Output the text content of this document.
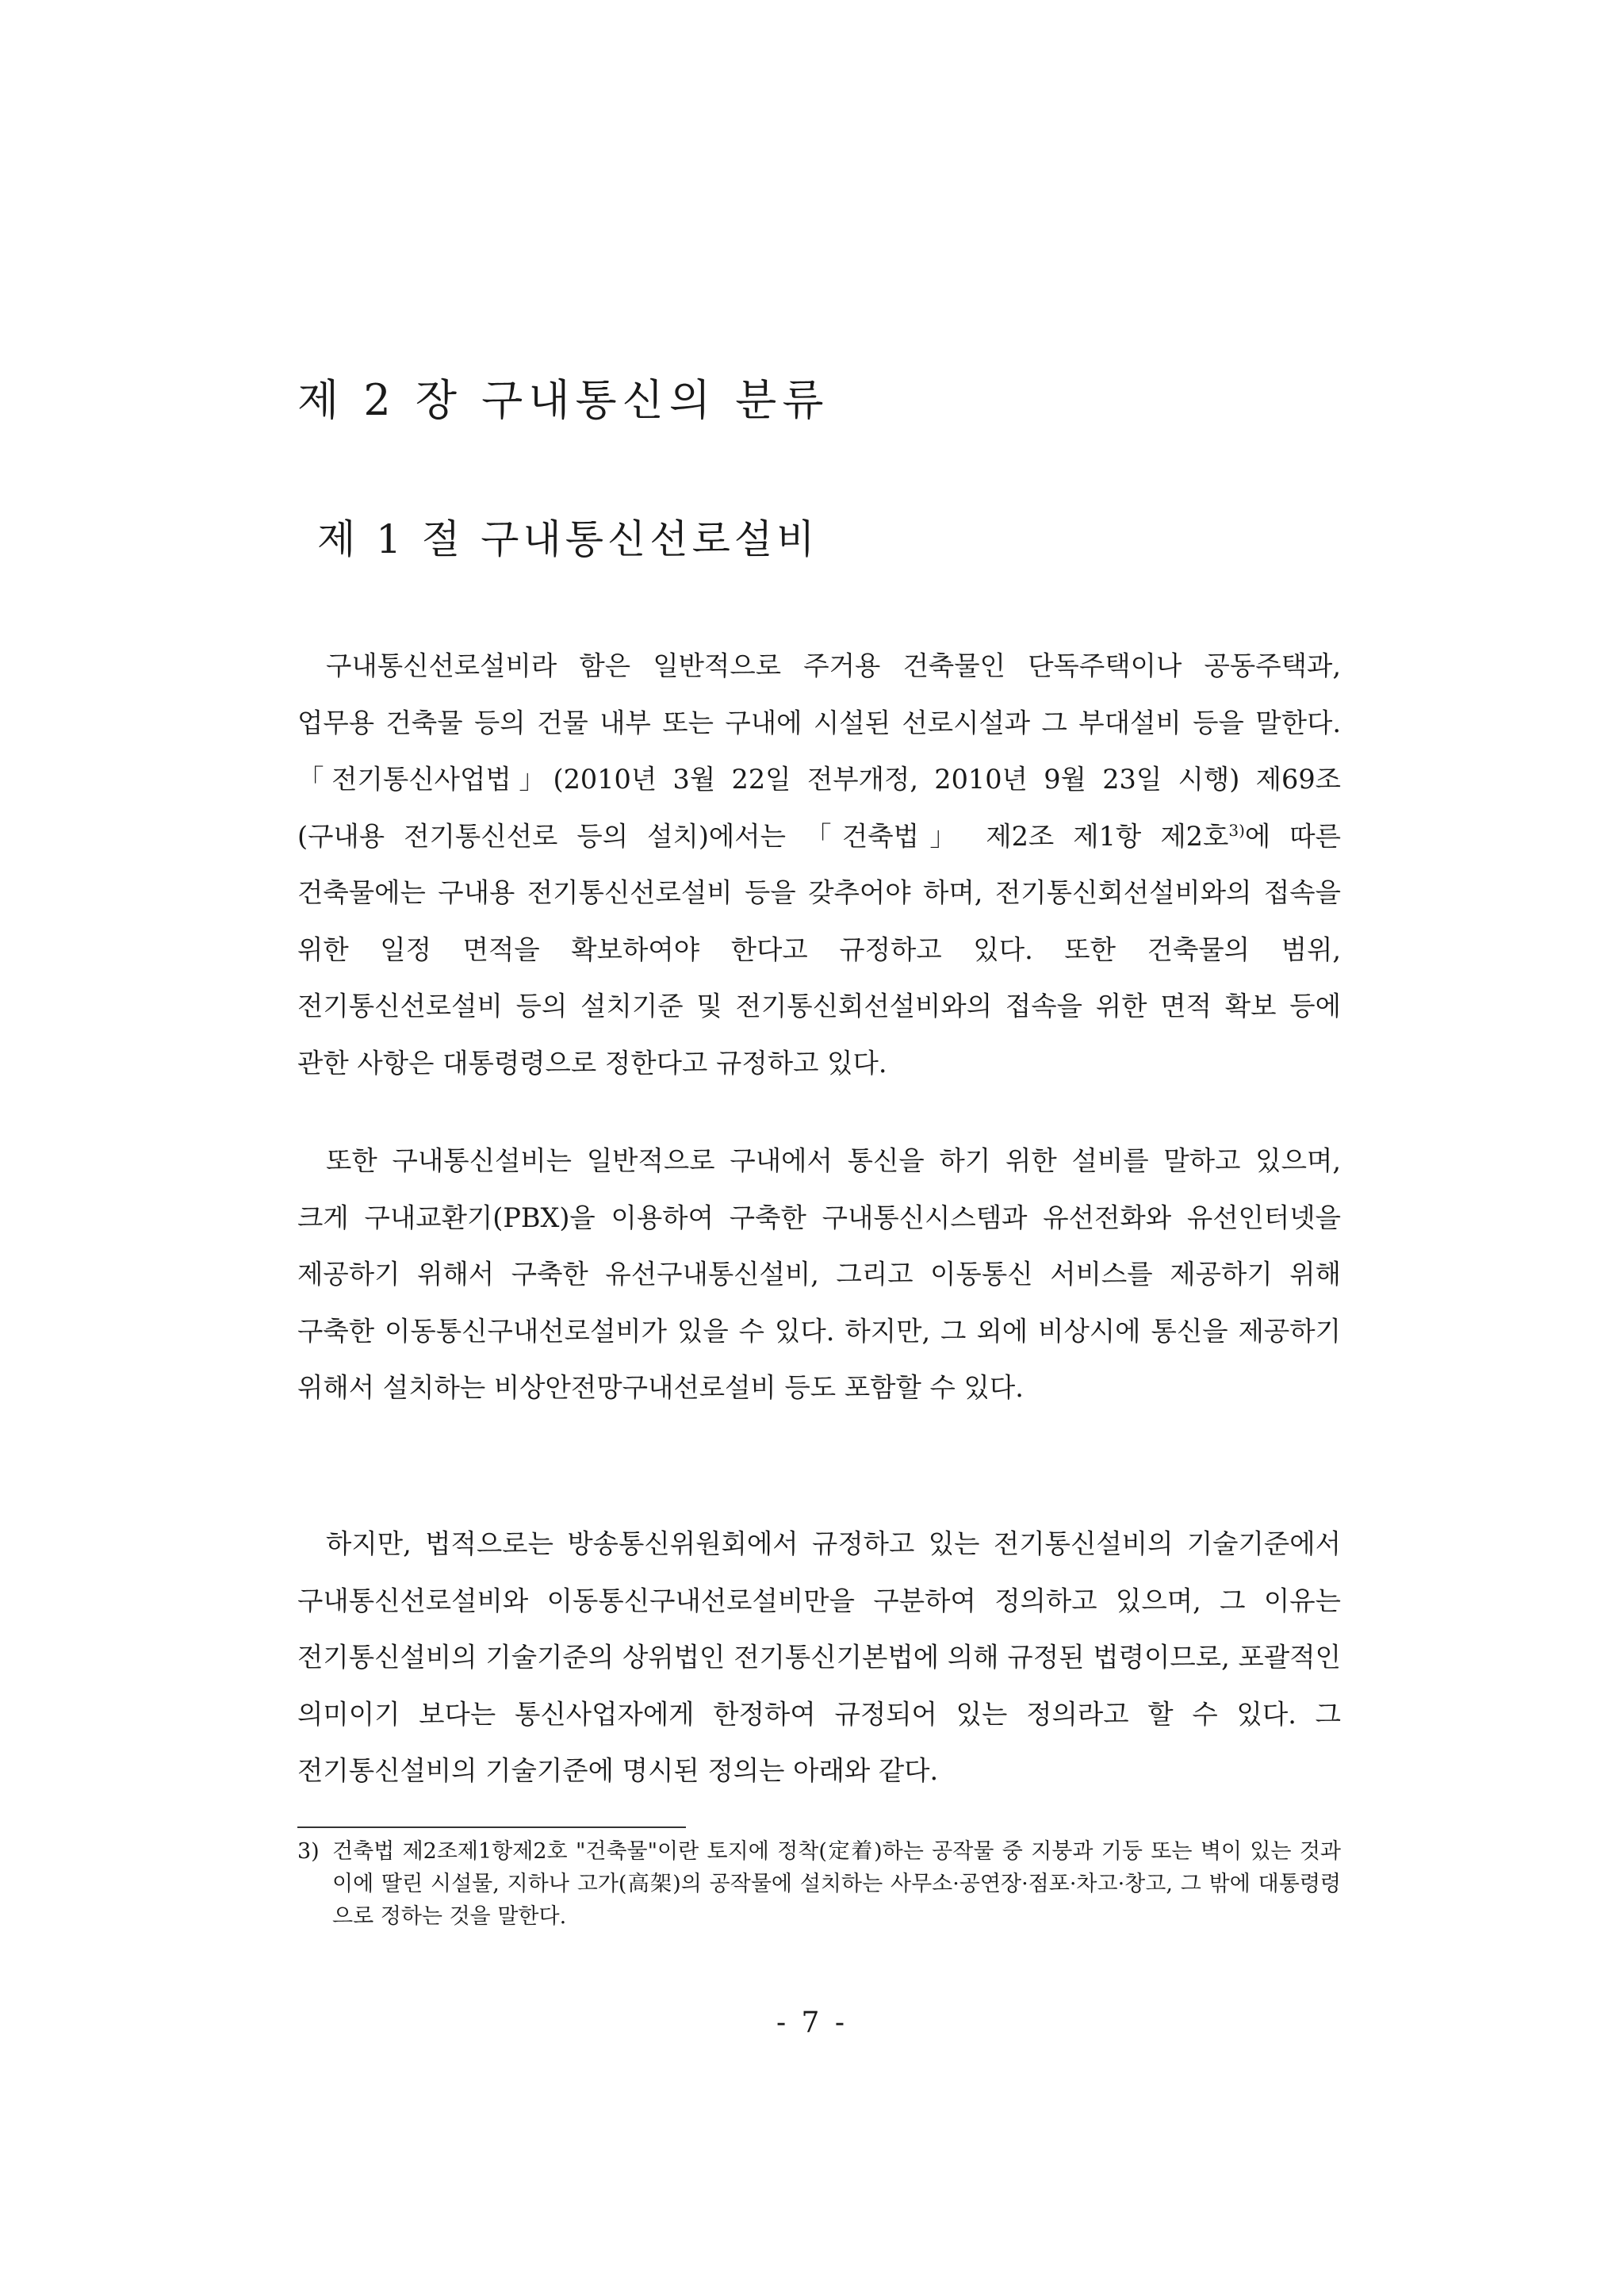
제 2 장 구내통신의 분류
제 1 절 구내통신선로설비

구내통신선로설비라 함은 일반적으로 주거용 건축물인 단독주택이나 공동주택과, 업무용 건축물 등의 건물 내부 또는 구내에 시설된 선로시설과 그 부대설비 등을 말한다. 「전기통신사업법」(2010년 3월 22일 전부개정, 2010년 9월 23일 시행) 제69조(구내용 전기통신선로 등의 설치)에서는 「건축법」 제2조 제1항 제2호$^{3)}$에 따른 건축물에는 구내용 전기통신선로설비 등을 갖추어야 하며, 전기통신회선설비와의 접속을 위한 일정 면적을 확보하여야 한다고 규정하고 있다. 또한 건축물의 범위, 전기통신선로설비 등의 설치기준 및 전기통신회선설비와의 접속을 위한 면적 확보 등에 관한 사항은 대통령령으로 정한다고 규정하고 있다.

또한 구내통신설비는 일반적으로 구내에서 통신을 하기 위한 설비를 말하고 있으며, 크게 구내교환기(PBX)을 이용하여 구축한 구내통신시스템과 유선전화와 유선인터넷을 제공하기 위해서 구축한 유선구내통신설비, 그리고 이동통신 서비스를 제공하기 위해 구축한 이동통신구내선로설비가 있을 수 있다. 하지만, 그 외에 비상시에 통신을 제공하기 위해서 설치하는 비상안전망구내선로설비 등도 포함할 수 있다.

하지만, 법적으로는 방송통신위원회에서 규정하고 있는 전기통신설비의 기술기준에서 구내통신선로설비와 이동통신구내선로설비만을 구분하여 정의하고 있으며, 그 이유는 전기통신설비의 기술기준의 상위법인 전기통신기본법에 의해 규정된 법령이므로, 포괄적인 의미이기 보다는 통신사업자에게 한정하여 규정되어 있는 정의라고 할 수 있다. 그 전기통신설비의 기술기준에 명시된 정의는 아래와 같다.

3) 건축법 제2조제1항제2호 "건축물"이란 토지에 정착(定着)하는 공작물 중 지붕과 기둥 또는 벽이 있는 것과 이에 딸린 시설물, 지하나 고가(高架)의 공작물에 설치하는 사무소·공연장·점포·차고·창고, 그 밖에 대통령령으로 정하는 것을 말한다.

- 7 -
